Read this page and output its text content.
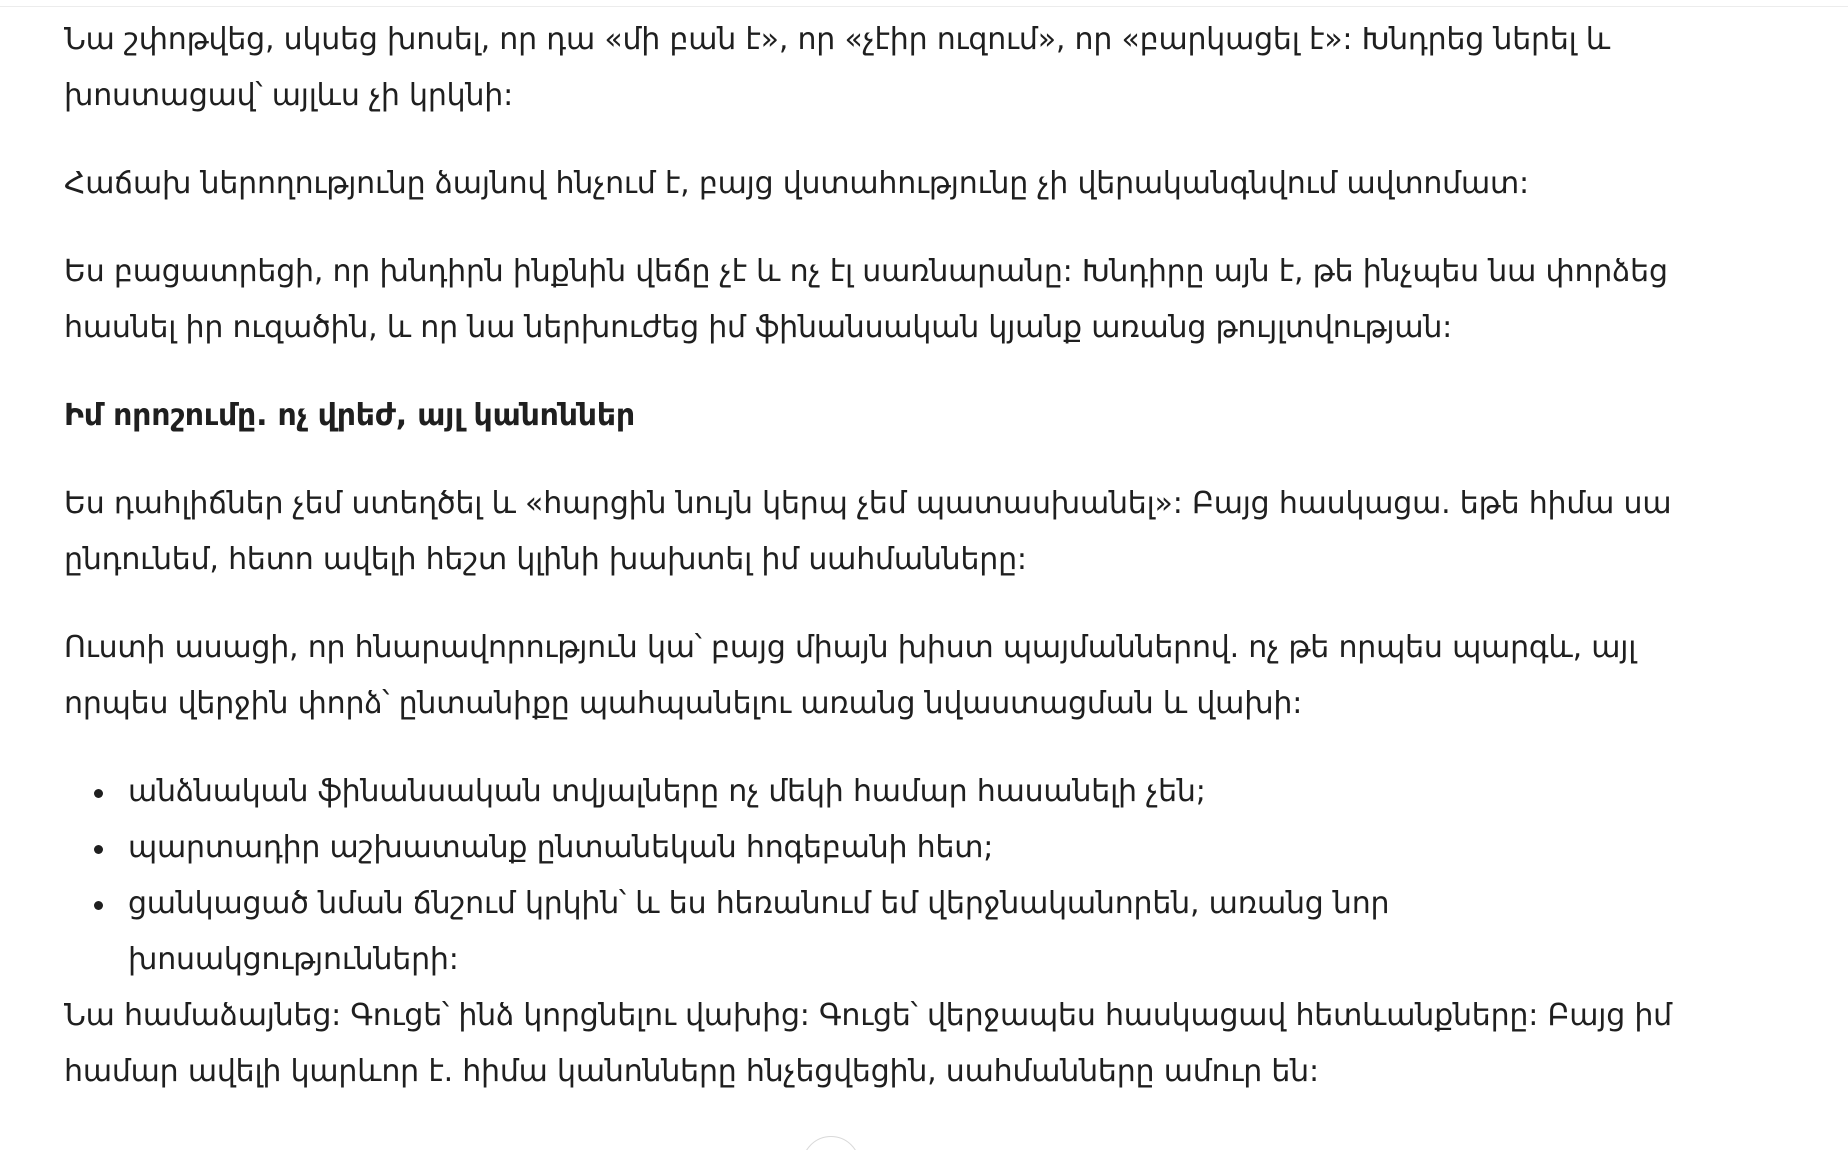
Նա շփոթվեց, սկսեց խոսել, որ դա «մի բան է», որ «չէիր ուզում», որ «բարկացել է»: Խնդրեց ներել և խոստացավ՝ այլևս չի կրկնի:

Հաճախ ներողությունը ձայնով հնչում է, բայց վստահությունը չի վերականգնվում ավտոմատ:

Ես բացատրեցի, որ խնդիրն ինքնին վեճը չէ և ոչ էլ սառնարանը: Խնդիրը այն է, թե ինչպես նա փորձեց հասնել իր ուզածին, և որ նա ներխուժեց իմ ֆինանսական կյանք առանց թույլտվության:

Իմ որոշումը. ոչ վրեժ, այլ կանոններ

Ես դահլիճներ չեմ ստեղծել և «հարցին նույն կերպ չեմ պատասխանել»: Բայց հասկացա. եթե հիմա սա ընդունեմ, հետո ավելի հեշտ կլինի խախտել իմ սահմանները:

Ուստի ասացի, որ հնարավորություն կա՝ բայց միայն խիստ պայմաններով. ոչ թե որպես պարգև, այլ որպես վերջին փորձ՝ ընտանիքը պահպանելու առանց նվաստացման և վախի:

անձնական ֆինանսական տվյալները ոչ մեկի համար հասանելի չեն;
պարտադիր աշխատանք ընտանեկան հոգեբանի հետ;
ցանկացած նման ճնշում կրկին՝ և ես հեռանում եմ վերջնականորեն, առանց նոր խոսակցությունների:

Նա համաձայնեց: Գուցե՝ ինձ կորցնելու վախից: Գուցե՝ վերջապես հասկացավ հետևանքները: Բայց իմ համար ավելի կարևոր է. հիմա կանոնները հնչեցվեցին, սահմանները ամուր են:
